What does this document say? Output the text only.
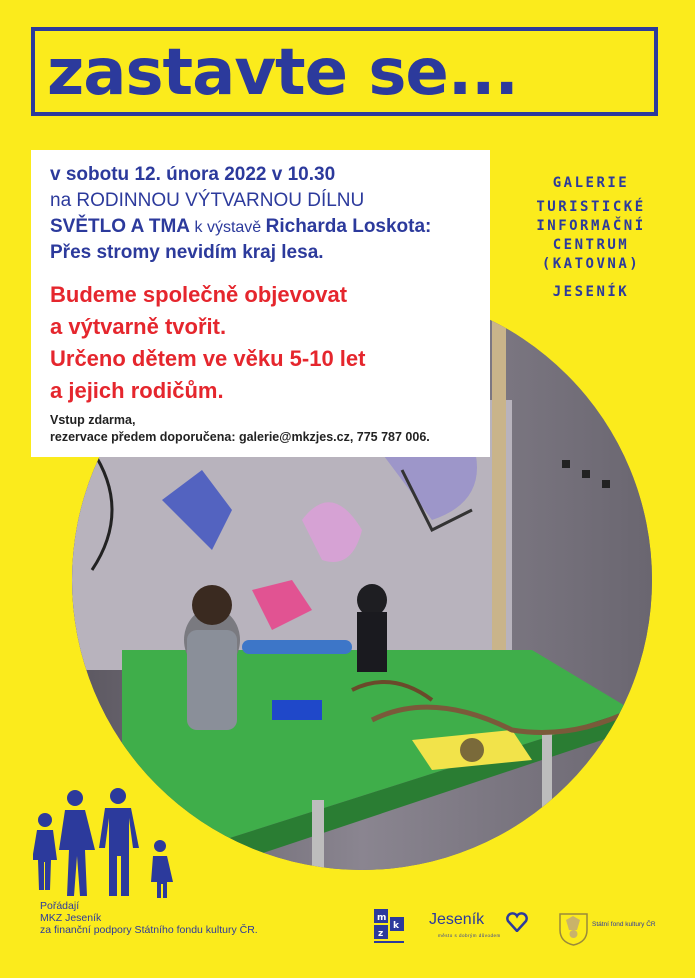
zastavte se...
v sobotu 12. února 2022 v 10.30
na RODINNOU VÝTVARNOU DÍLNU
SVĚTLO A TMA k výstavě Richarda Loskota:
Přes stromy nevidím kraj lesa.
Budeme společně objevovat
a výtvarně tvořit.
Určeno dětem ve věku 5-10 let
a jejich rodičům.
Vstup zdarma,
rezervace předem doporučena: galerie@mkzjes.cz, 775 787 006.
GALERIE
TURISTICKÉ
INFORMAČNÍ
CENTRUM
(KATOVNA)
JESENÍK
Pořádají
MKZ Jeseník
za finanční podpory Státního fondu kultury ČR.
m
k
z
Jeseník
město s dobrým důvodem
Státní fond kultury ČR
